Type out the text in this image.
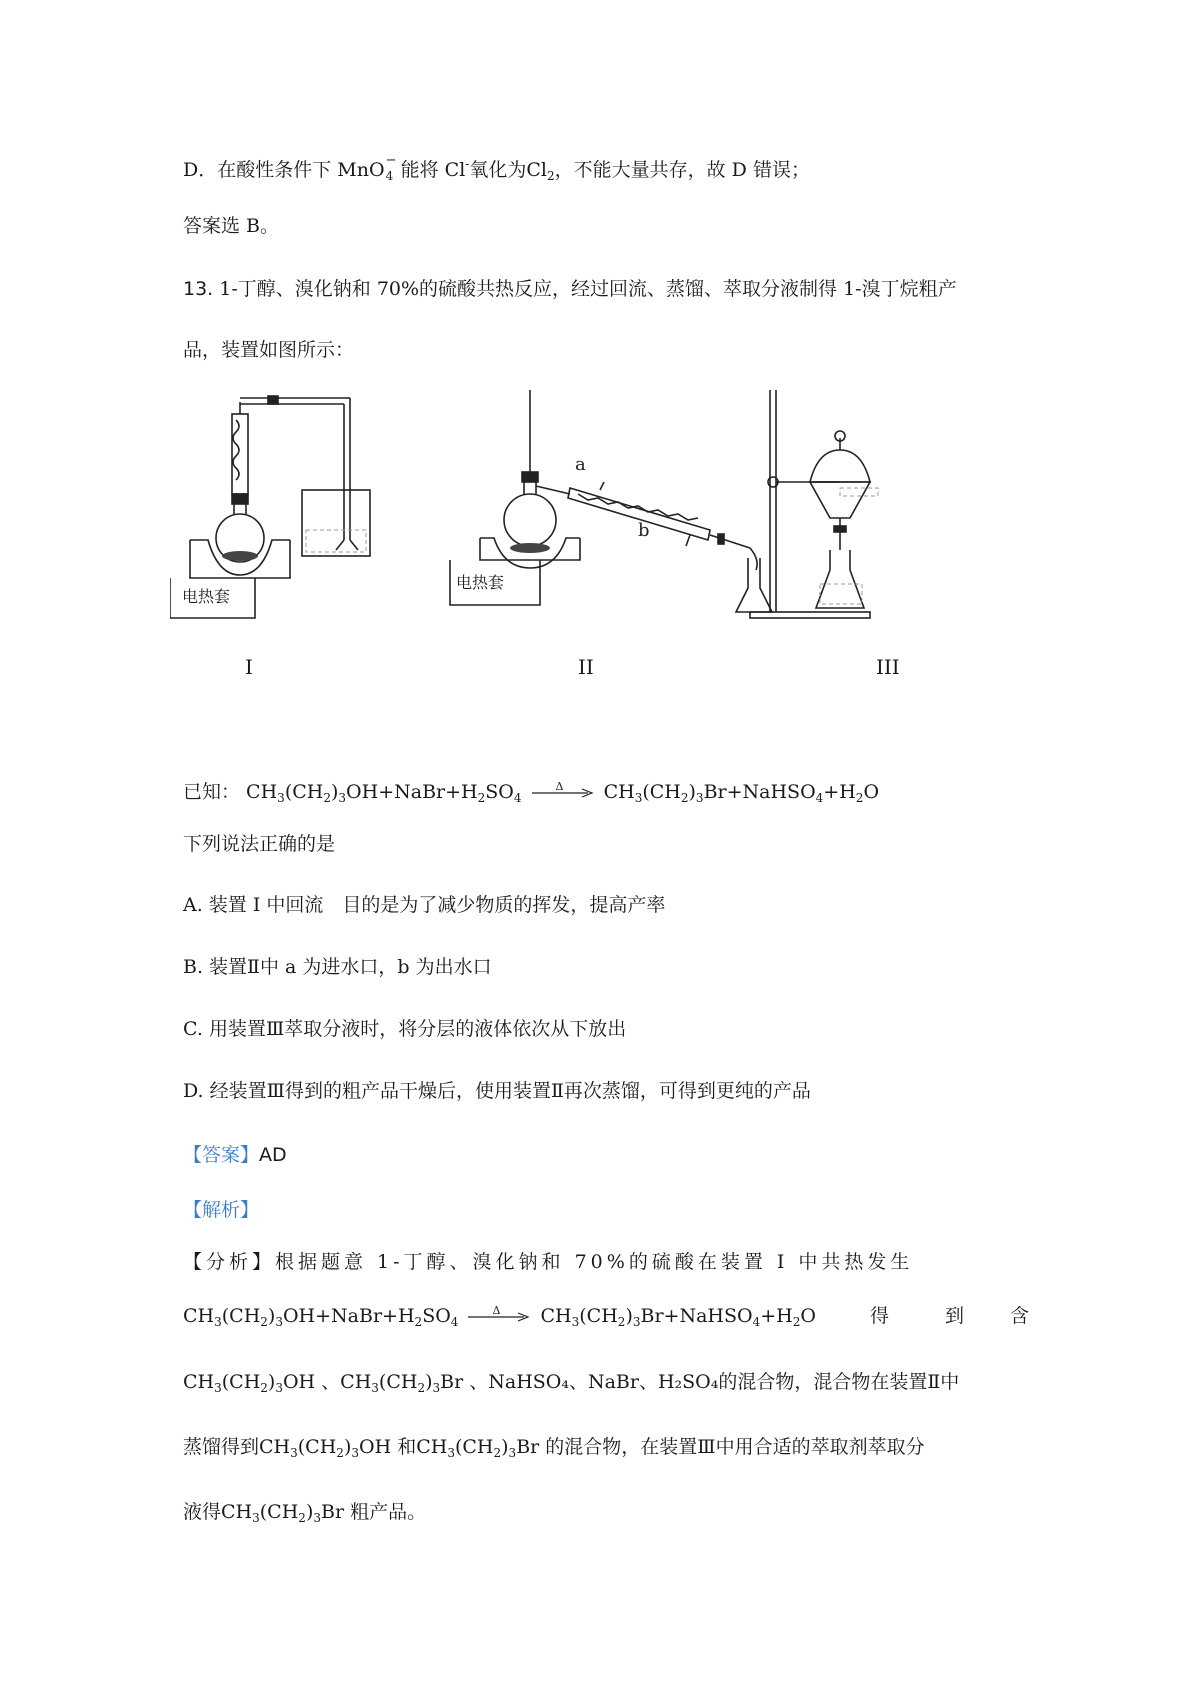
D．在酸性条件下 MnO −
4 能将 Cl-氧化为$Cl_2$，不能大量共存，故 D 错误；
答案选 B。
13. 1-丁醇、溴化钠和 70%的硫酸共热反应，经过回流、蒸馏、萃取分液制得 1-溴丁烷粗产
品，装置如图所示：
电热套
电热套
a
b
I	II	III
已知： $CH_3(CH_2)_3OH+NaBr+H_2SO_4$
Δ $CH_3(CH_2)_3Br+NaHSO_4+H_2O$
下列说法正确的是
A. 装置 I 中回流　目的是为了减少物质的挥发，提高产率
B. 装置Ⅱ中 a 为进水口，b 为出水口
C. 用装置Ⅲ萃取分液时，将分层的液体依次从下放出
D. 经装置Ⅲ得到的粗产品干燥后，使用装置Ⅱ再次蒸馏，可得到更纯的产品
【答案】AD
【解析】
【分析】根据题意 1-丁醇、溴化钠和 70%的硫酸在装置 I 中共热发生
$CH_3(CH_2)_3OH+NaBr+H_2SO_4$
Δ $CH_3(CH_2)_3Br+NaHSO_4+H_2O$	得	到 含
$CH_3(CH_2)_3OH$ 、$CH_3(CH_2)_3Br$ 、NaHSO₄、NaBr、H₂SO₄的混合物，混合物在装置Ⅱ中
蒸馏得到$CH_3(CH_2)_3OH$ 和$CH_3(CH_2)_3Br$ 的混合物，在装置Ⅲ中用合适的萃取剂萃取分
液得$CH_3(CH_2)_3Br$ 粗产品。
